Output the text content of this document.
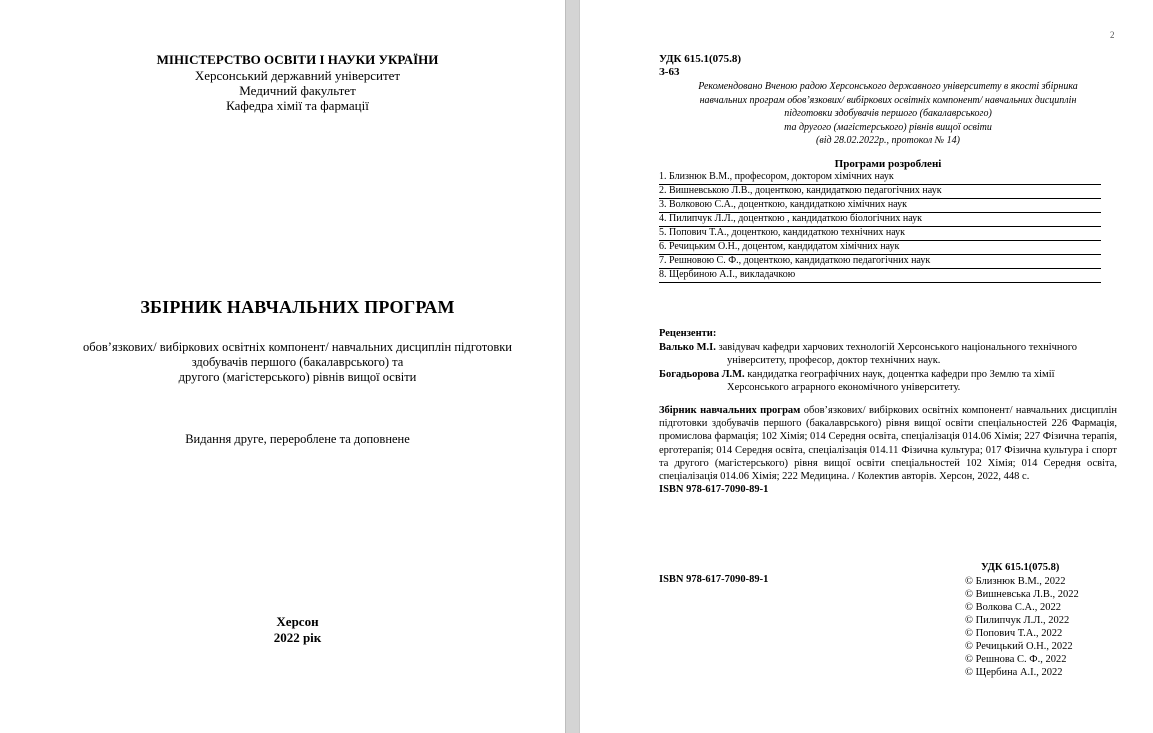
МІНІСТЕРСТВО ОСВІТИ І НАУКИ УКРАЇНИ
Херсонський державний університет
Медичний факультет
Кафедра хімії та фармації
ЗБІРНИК НАВЧАЛЬНИХ ПРОГРАМ
обов’язкових/ вибіркових освітніх компонент/ навчальних дисциплін підготовки
здобувачів першого (бакалаврського) та
другого (магістерського) рівнів вищої освіти
Видання друге, перероблене та доповнене
Херсон
2022 рік
2
УДК 615.1(075.8)
З-63
Рекомендовано Вченою радою Херсонського державного університету в якості збірника
навчальних програм обов’язкових/ вибіркових освітніх компонент/ навчальних дисциплін
підготовки здобувачів першого (бакалаврського)
та другого (магістерського) рівнів вищої освіти
(від 28.02.2022р., протокол № 14)
Програми розроблені
1. Близнюк В.М., професором, доктором хімічних наук
2. Вишневською Л.В., доценткою, кандидаткою педагогічних наук
3. Волковою С.А., доценткою, кандидаткою хімічних наук
4. Пилипчук Л.Л., доценткою , кандидаткою біологічних наук
5. Попович Т.А., доценткою, кандидаткою технічних наук
6. Речицьким О.Н., доцентом, кандидатом хімічних наук
7. Решновою С. Ф., доценткою, кандидаткою педагогічних наук
8. Щербиною А.І., викладачкою
Рецензенти:
Валько М.І. завідувач кафедри харчових технологій Херсонського національного технічного
університету, професор, доктор технічних наук.
Богадьорова Л.М. кандидатка географічних наук, доцентка кафедри про Землю та хімії
Херсонського аграрного економічного університету.
Збірник навчальних програм обов’язкових/ вибіркових освітніх компонент/ навчальних дисциплін підготовки здобувачів першого (бакалаврського) рівня вищої освіти спеціальностей 226 Фармація, промислова фармація; 102 Хімія; 014 Середня освіта, спеціалізація 014.06 Хімія; 227 Фізична терапія, ерготерапія; 014 Середня освіта, спеціалізація 014.11 Фізична культура; 017 Фізична культура і спорт та другого (магістерського) рівня вищої освіти спеціальностей 102 Хімія; 014 Середня освіта, спеціалізація 014.06 Хімія; 222 Медицина. / Колектив авторів. Херсон, 2022, 448 с.
ISBN 978-617-7090-89-1
УДК 615.1(075.8)
ISBN 978-617-7090-89-1	© Близнюк В.М., 2022
© Вишневська Л.В., 2022
© Волкова С.А., 2022
© Пилипчук Л.Л., 2022
© Попович Т.А., 2022
© Речицький О.Н., 2022
© Решнова С. Ф., 2022
© Щербина А.І., 2022
